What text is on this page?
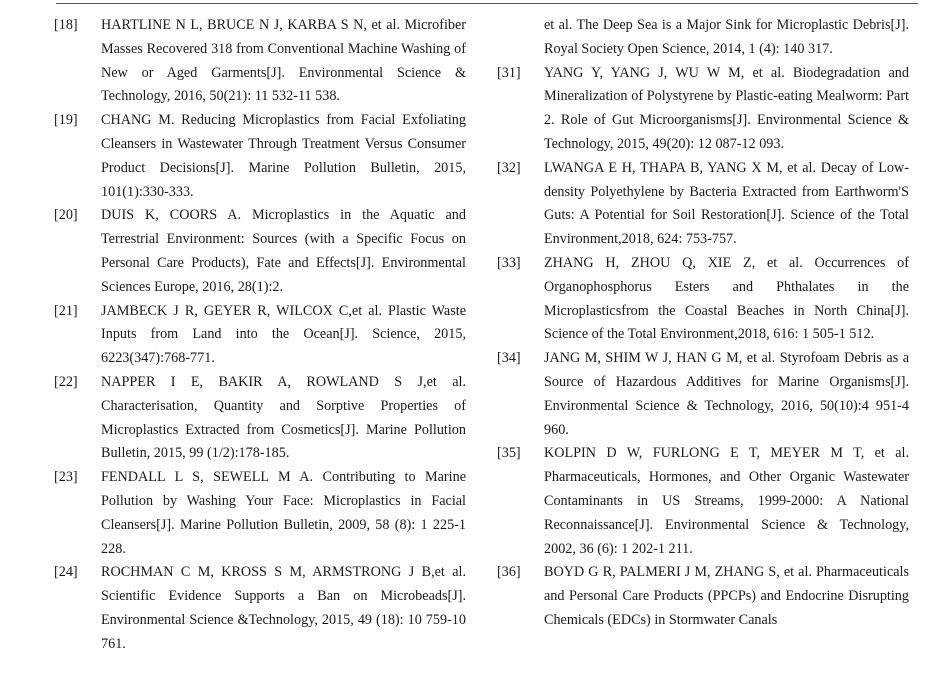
[18]	HARTLINE N L, BRUCE N J, KARBA S N, et al. Microfiber Masses Recovered 318 from Conventional Machine Washing of New or Aged Garments[J]. Environmental Science & Technology, 2016, 50(21): 11 532-11 538.
[19]	CHANG M. Reducing Microplastics from Facial Exfoliating Cleansers in Wastewater Through Treatment Versus Consumer Product Decisions[J]. Marine Pollution Bulletin, 2015, 101(1):330-333.
[20]	DUIS K, COORS A. Microplastics in the Aquatic and Terrestrial Environment: Sources (with a Specific Focus on Personal Care Products), Fate and Effects[J]. Environmental Sciences Europe, 2016, 28(1):2.
[21]	JAMBECK J R, GEYER R, WILCOX C,et al. Plastic Waste Inputs from Land into the Ocean[J]. Science, 2015, 6223(347):768-771.
[22]	NAPPER I E, BAKIR A, ROWLAND S J,et al. Characterisation, Quantity and Sorptive Properties of Microplastics Extracted from Cosmetics[J]. Marine Pollution Bulletin, 2015, 99 (1/2):178-185.
[23]	FENDALL L S, SEWELL M A. Contributing to Marine Pollution by Washing Your Face: Microplastics in Facial Cleansers[J]. Marine Pollution Bulletin, 2009, 58 (8): 1 225-1 228.
[24]	ROCHMAN C M, KROSS S M, ARMSTRONG J B,et al. Scientific Evidence Supports a Ban on Microbeads[J]. Environmental Science &Technology, 2015, 49 (18): 10 759-10 761.
et al. The Deep Sea is a Major Sink for Microplastic Debris[J]. Royal Society Open Science, 2014, 1 (4): 140 317.
[31]	YANG Y, YANG J, WU W M, et al. Biodegradation and Mineralization of Polystyrene by Plastic-eating Mealworm: Part 2. Role of Gut Microorganisms[J]. Environmental Science & Technology, 2015, 49(20): 12 087-12 093.
[32]	LWANGA E H, THAPA B, YANG X M, et al. Decay of Low-density Polyethylene by Bacteria Extracted from Earthworm'S Guts: A Potential for Soil Restoration[J]. Science of the Total Environment,2018, 624: 753-757.
[33]	ZHANG H, ZHOU Q, XIE Z, et al. Occurrences of Organophosphorus Esters and Phthalates in the Microplasticsfrom the Coastal Beaches in North China[J]. Science of the Total Environment,2018, 616: 1 505-1 512.
[34]	JANG M, SHIM W J, HAN G M, et al. Styrofoam Debris as a Source of Hazardous Additives for Marine Organisms[J]. Environmental Science & Technology, 2016, 50(10):4 951-4 960.
[35]	KOLPIN D W, FURLONG E T, MEYER M T, et al. Pharmaceuticals, Hormones, and Other Organic Wastewater Contaminants in US Streams, 1999-2000: A National Reconnaissance[J]. Environmental Science & Technology, 2002, 36 (6): 1 202-1 211.
[36]	BOYD G R, PALMERI J M, ZHANG S, et al. Pharmaceuticals and Personal Care Products (PPCPs) and Endocrine Disrupting Chemicals (EDCs) in Stormwater Canals
